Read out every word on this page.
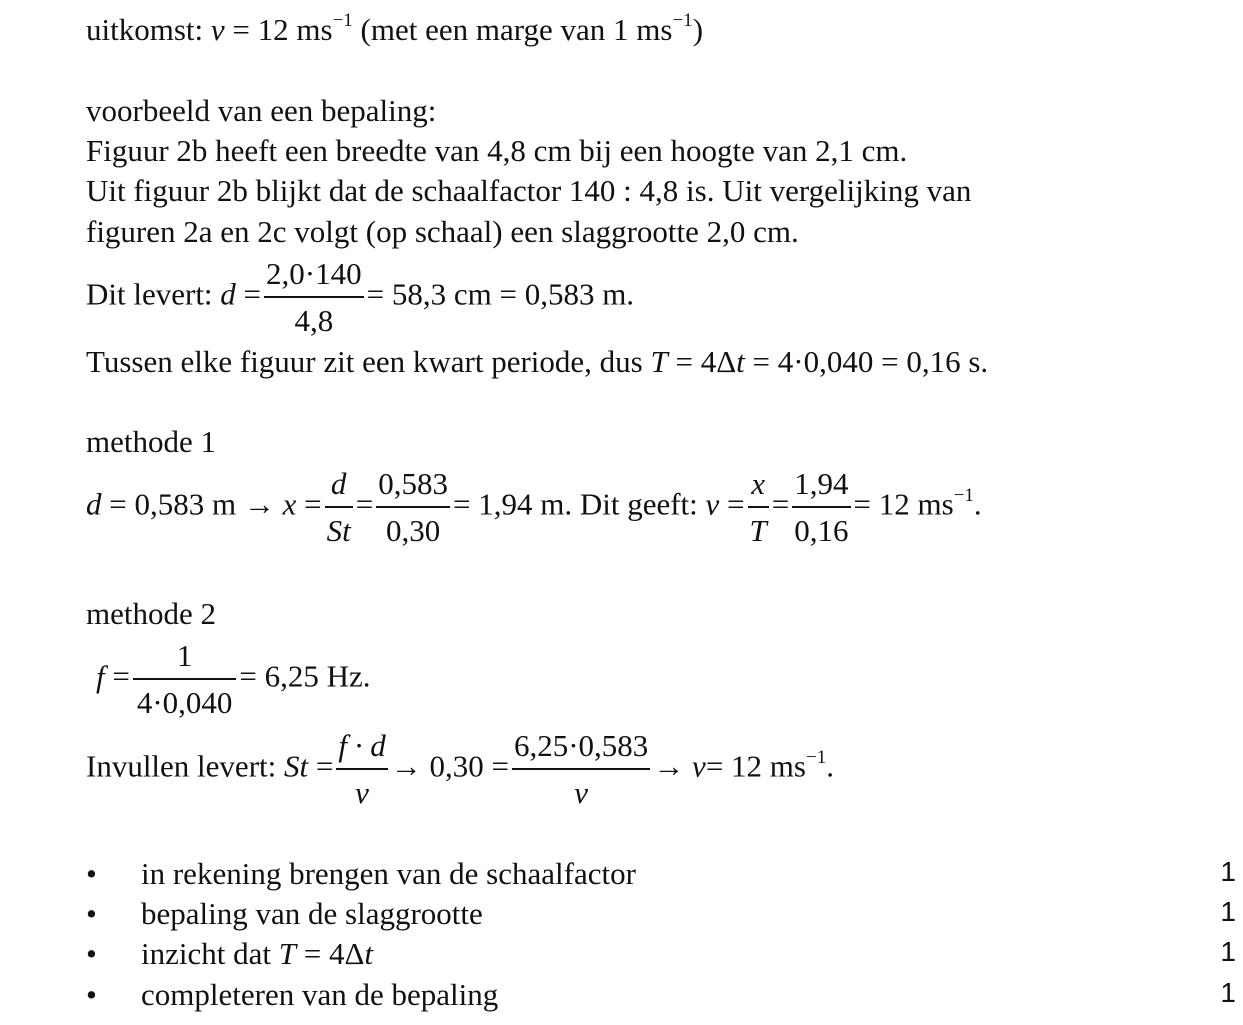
uitkomst: v = 12 $ms^{-1}$ (met een marge van 1 $ms^{-1}$)
voorbeeld van een bepaling:
Figuur 2b heeft een breedte van 4,8 cm bij een hoogte van 2,1 cm.
Uit figuur 2b blijkt dat de schaalfactor 140 : 4,8 is. Uit vergelijking van
figuren 2a en 2c volgt (op schaal) een slaggrootte 2,0 cm.
Dit levert: $d = \frac{2,0\cdot 140}{4,8} = 58,3$ cm = 0,583 m.
Tussen elke figuur zit een kwart periode, dus T = 4Δt = 4·0,040 = 0,16 s.
methode 1
d = 0,583 $m \to x = \frac{d}{St} = \frac{0,583}{0,30} = 1,94$ m. Dit geeft: $v = \frac{x}{T} = \frac{1,94}{0,16} = 12$ $ms^{-1}$.
methode 2
$f = \frac{1}{4\cdot 0,040} = 6,25$ Hz.
Invullen levert: $St = \frac{f \cdot d}{v} \to 0,30 = \frac{6,25\cdot 0,583}{v} \to v= 12$ $ms^{-1}$.
• in rekening brengen van de schaalfactor	1
• bepaling van de slaggrootte	1
• inzicht dat T = 4Δt	1
• completeren van de bepaling	1
